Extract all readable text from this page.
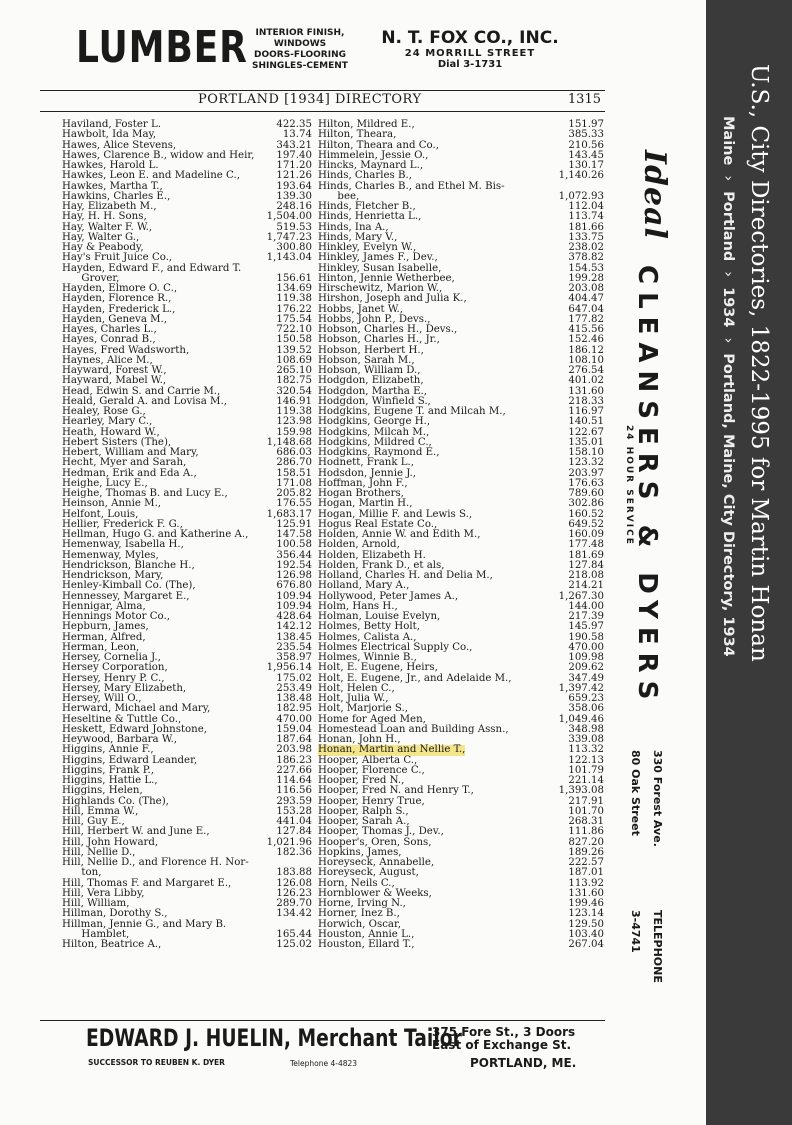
LUMBER INTERIOR FINISH, WINDOWS
DOORS-FLOORING
SHINGLES-CEMENT
N. T. FOX CO., INC.
24 MORRILL STREET
Dial 3-1731
PORTLAND [1934] DIRECTORY	1315
Haviland, Foster L.	422.35
Hawbolt, Ida May,	13.74
Hawes, Alice Stevens,	343.21
Hawes, Clarence B., widow and Heir, 197.40
Hawkes, Harold L.	171.20
Hawkes, Leon E. and Madeline C.,	121.26
Hawkes, Martha T.,	193.64
Hawkins, Charles E.,	139.30
Hay, Elizabeth M.,	248.16
Hay, H. H. Sons,	1,504.00
Hay, Walter F. W.,	519.53
Hay, Walter G.,	1,747.23
Hay & Peabody,	300.80
Hay's Fruit Juice Co.,	1,143.04
Hayden, Edward F., and Edward T.
Grover,	156.61
Hayden, Elmore O. C.,	134.69
Hayden, Florence R.,	119.38
Hayden, Frederick L.,	176.22
Hayden, Geneva M.,	175.54
Hayes, Charles L.,	722.10
Hayes, Conrad B.,	150.58
Hayes, Fred Wadsworth,	139.52
Haynes, Alice M.,	108.69
Hayward, Forest W.,	265.10
Hayward, Mabel W.,	182.75
Head, Edwin S. and Carrie M.,	320.54
Heald, Gerald A. and Lovisa M.,	146.91
Healey, Rose G.,	119.38
Hearley, Mary C.,	123.98
Heath, Howard W.,	159.98
Hebert Sisters (The),	1,148.68
Hebert, William and Mary,	686.03
Hecht, Myer and Sarah,	286.70
Hedman, Erik and Eda A.,	158.51
Heighe, Lucy E.,	171.08
Heighe, Thomas B. and Lucy E.,	205.82
Heinson, Annie M.,	176.55
Helfont, Louis,	1,683.17
Hellier, Frederick F. G.,	125.91
Hellman, Hugo G. and Katherine A.,	147.58
Hemenway, Isabella H.,	100.58
Hemenway, Myles,	356.44
Hendrickson, Blanche H.,	192.54
Hendrickson, Mary,	126.98
Henley-Kimball Co. (The),	676.80
Hennessey, Margaret E.,	109.94
Hennigar, Alma,	109.94
Hennings Motor Co.,	428.64
Hepburn, James,	142.12
Herman, Alfred,	138.45
Herman, Leon,	235.54
Hersey, Cornelia J.,	358.97
Hersey Corporation,	1,956.14
Hersey, Henry P. C.,	175.02
Hersey, Mary Elizabeth,	253.49
Hersey, Will O.,	138.48
Herward, Michael and Mary,	182.95
Heseltine & Tuttle Co.,	470.00
Heskett, Edward Johnstone,	159.04
Heywood, Barbara W.,	187.64
Higgins, Annie F.,	203.98
Higgins, Edward Leander,	186.23
Higgins, Frank P.,	227.66
Higgins, Hattie L.,	114.64
Higgins, Helen,	116.56
Highlands Co. (The),	293.59
Hill, Emma W.,	153.28
Hill, Guy E.,	441.04
Hill, Herbert W. and June E.,	127.84
Hill, John Howard,	1,021.96
Hill, Nellie D.,	182.36
Hill, Nellie D., and Florence H. Nor-
ton,	183.88
Hill, Thomas F. and Margaret E.,	126.08
Hill, Vera Libby,	126.23
Hill, William,	289.70
Hillman, Dorothy S.,	134.42
Hillman, Jennie G., and Mary B.
Hamblet,	165.44
Hilton, Beatrice A.,	125.02
Hilton, Mildred E.,	151.97
Hilton, Theara,	385.33
Hilton, Theara and Co.,	210.56
Himmelein, Jessie O.,	143.45
Hincks, Maynard L.,	130.17
Hinds, Charles B.,	1,140.26
Hinds, Charles B., and Ethel M. Bis-
bee,	1,072.93
Hinds, Fletcher B.,	112.04
Hinds, Henrietta L.,	113.74
Hinds, Ina A.,	181.66
Hinds, Mary V.,	133.75
Hinkley, Evelyn W.,	238.02
Hinkley, James F., Dev.,	378.82
Hinkley, Susan Isabelle,	154.53
Hinton, Jennie Wetherbee,	199.28
Hirschewitz, Marion W.,	203.08
Hirshon, Joseph and Julia K.,	404.47
Hobbs, Janet W.,	647.04
Hobbs, John P., Devs.,	177.82
Hobson, Charles H., Devs.,	415.56
Hobson, Charles H., Jr.,	152.46
Hobson, Herbert H.,	186.12
Hobson, Sarah M.,	108.10
Hobson, William D.,	276.54
Hodgdon, Elizabeth,	401.02
Hodgdon, Martha E.,	131.60
Hodgdon, Winfield S.,	218.33
Hodgkins, Eugene T. and Milcah M.,	116.97
Hodgkins, George H.,	140.51
Hodgkins, Milcah M.,	122.67
Hodgkins, Mildred C.,	135.01
Hodgkins, Raymond E.,	158.10
Hodnett, Frank L.,	123.32
Hodsdon, Jennie J.,	203.97
Hoffman, John F.,	176.63
Hogan Brothers,	789.60
Hogan, Martin H.,	302.86
Hogan, Millie F. and Lewis S.,	160.52
Hogus Real Estate Co.,	649.52
Holden, Annie W. and Edith M.,	160.09
Holden, Arnold,	177.48
Holden, Elizabeth H.	181.69
Holden, Frank D., et als,	127.84
Holland, Charles H. and Delia M.,	218.08
Holland, Mary A.,	214.21
Hollywood, Peter James A.,	1,267.30
Holm, Hans H.,	144.00
Holman, Louise Evelyn,	217.39
Holmes, Betty Holt,	145.97
Holmes, Calista A.,	190.58
Holmes Electrical Supply Co.,	470.00
Holmes, Winnie B.,	109.98
Holt, E. Eugene, Heirs,	209.62
Holt, E. Eugene, Jr., and Adelaide M.,	347.49
Holt, Helen C.,	1,397.42
Holt, Julia W.,	659.23
Holt, Marjorie S.,	358.06
Home for Aged Men,	1,049.46
Homestead Loan and Building Assn.,	348.98
Honan, John H.,	339.08
Honan, Martin and Nellie T.,	113.32
Hooper, Alberta C.,	122.13
Hooper, Florence C.,	101.79
Hooper, Fred N.,	221.14
Hooper, Fred N. and Henry T.,	1,393.08
Hooper, Henry True,	217.91
Hooper, Ralph S.,	101.70
Hooper, Sarah A.,	268.31
Hooper, Thomas J., Dev.,	111.86
Hooper's, Oren, Sons,	827.20
Hopkins, James,	189.26
Horeyseck, Annabelle,	222.57
Horeyseck, August,	187.01
Horn, Neils C.,	113.92
Hornblower & Weeks,	131.60
Horne, Irving N.,	199.46
Horner, Inez B.,	123.14
Horwich, Oscar,	129.50
Houston, Annie L.,	103.40
Houston, Ellard T.,	267.04
Ideal
CLEANSERS & DYERS
24 HOUR SERVICE
330 Forest Ave.
80 Oak Street
TELEPHONE
3-4741
EDWARD J. HUELIN, Merchant Tailor
SUCCESSOR TO REUBEN K. DYER	Telephone 4-4823
375 Fore St., 3 Doors
East of Exchange St.
PORTLAND, ME.
U.S., City Directories, 1822-1995 for Martin Honan
Maine›Portland›1934›Portland, Maine, City Directory, 1934
